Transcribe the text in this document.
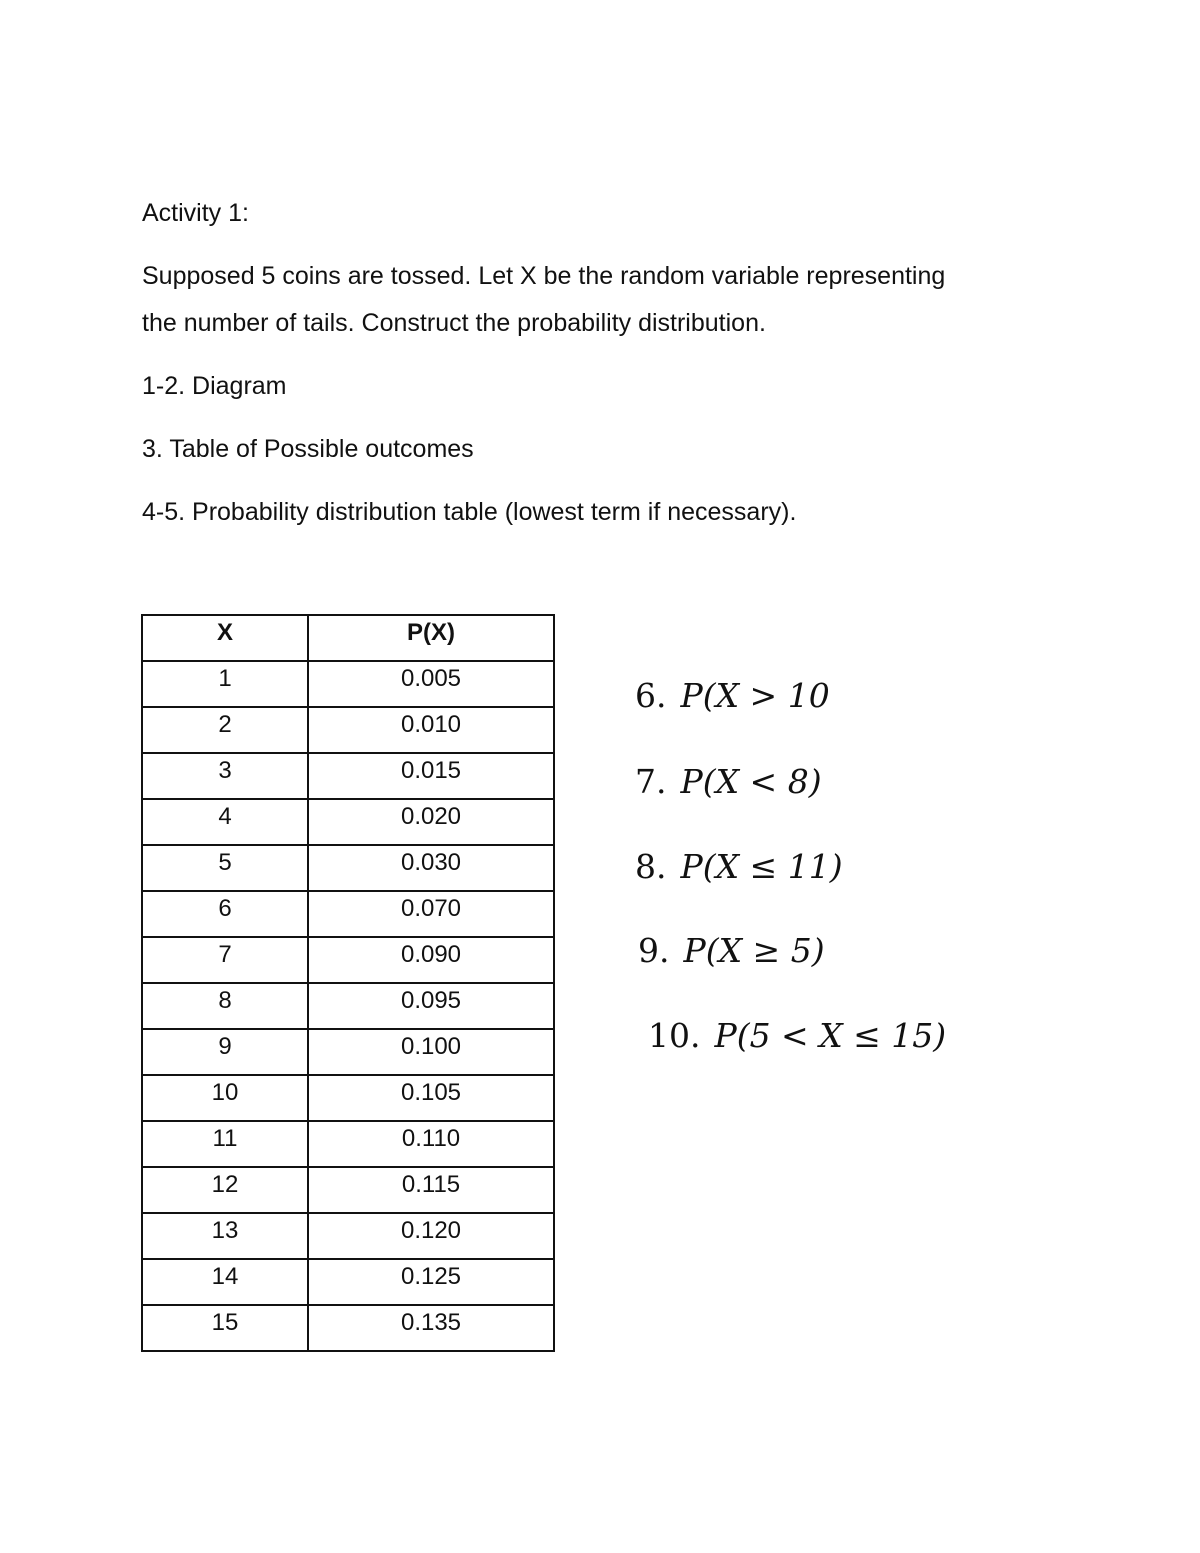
Activity 1:
Supposed 5 coins are tossed. Let X be the random variable representing
the number of tails. Construct the probability distribution.
1-2. Diagram
3. Table of Possible outcomes
4-5. Probability distribution table (lowest term if necessary).
X	P(X)
1	0.005
2	0.010
3	0.015
4	0.020
5	0.030
6	0.070
7	0.090
8	0.095
9	0.100
10	0.105
11	0.110
12	0.115
13	0.120
14	0.125
15	0.135
6. P(X > 10
7. P(X < 8)
8. P(X ≤ 11)
9. P(X ≥ 5)
10. P(5 < X ≤ 15)
